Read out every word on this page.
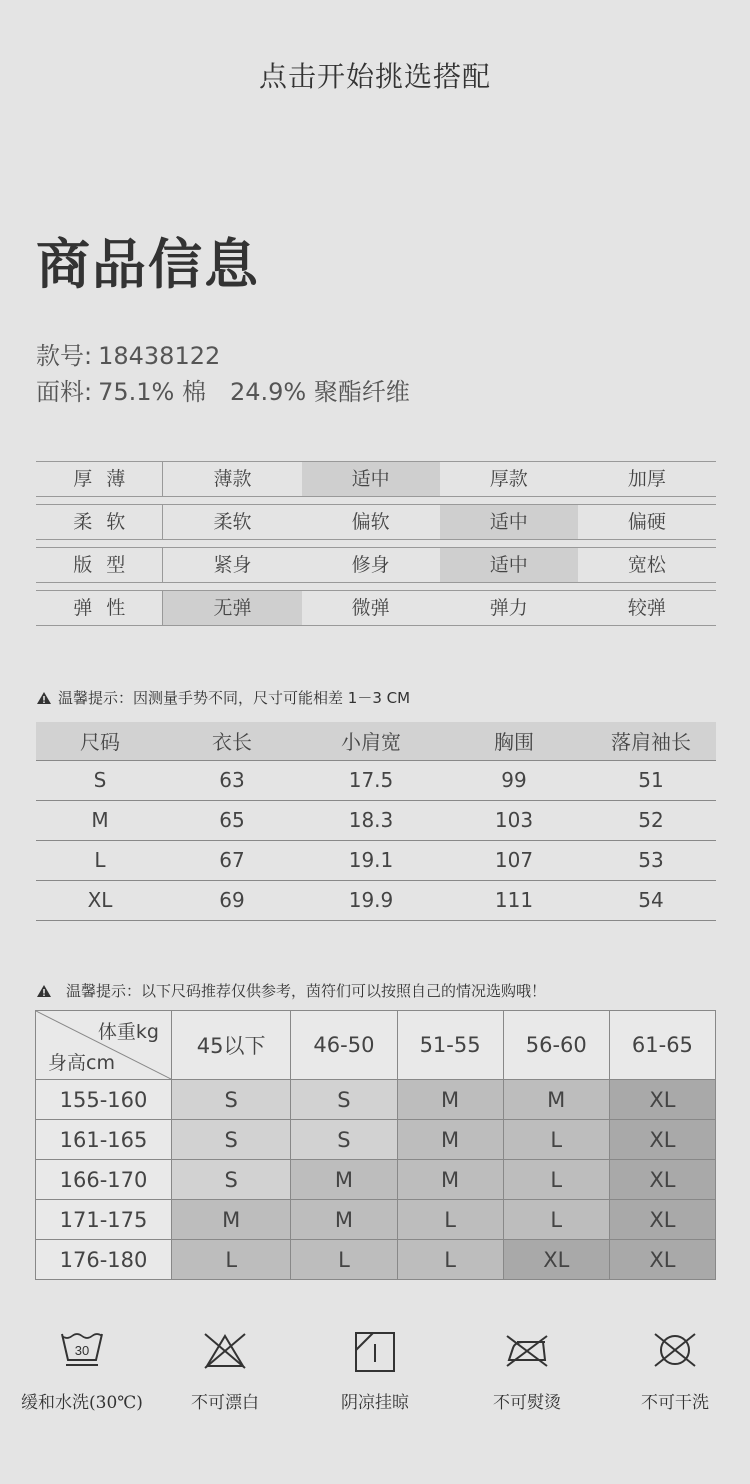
点击开始挑选搭配
商品信息
款号: 18438122
面料: 75.1% 棉 24.9% 聚酯纤维
厚薄	薄款	适中	厚款	加厚
柔软	柔软	偏软	适中	偏硬
版型	紧身	修身	适中	宽松
弹性	无弹	微弹	弹力	较弹
温馨提示：因测量手势不同，尺寸可能相差 1－3 CM
尺码	衣长	小肩宽	胸围	落肩袖长
S	63	17.5	99	51
M	65	18.3	103	52
L	67	19.1	107	53
XL	69	19.9	111	54
温馨提示：以下尺码推荐仅供参考，茵符们可以按照自己的情况选购哦！
体重kg
身高cm	45以下	46-50	51-55	56-60	61-65
155-160	S	S	M	M	XL
161-165	S	S	M	L	XL
166-170	S	M	M	L	XL
171-175	M	M	L	L	XL
176-180	L	L	L	XL	XL
30
缓和水洗(30℃)	不可漂白	阴凉挂晾	不可熨烫	不可干洗
